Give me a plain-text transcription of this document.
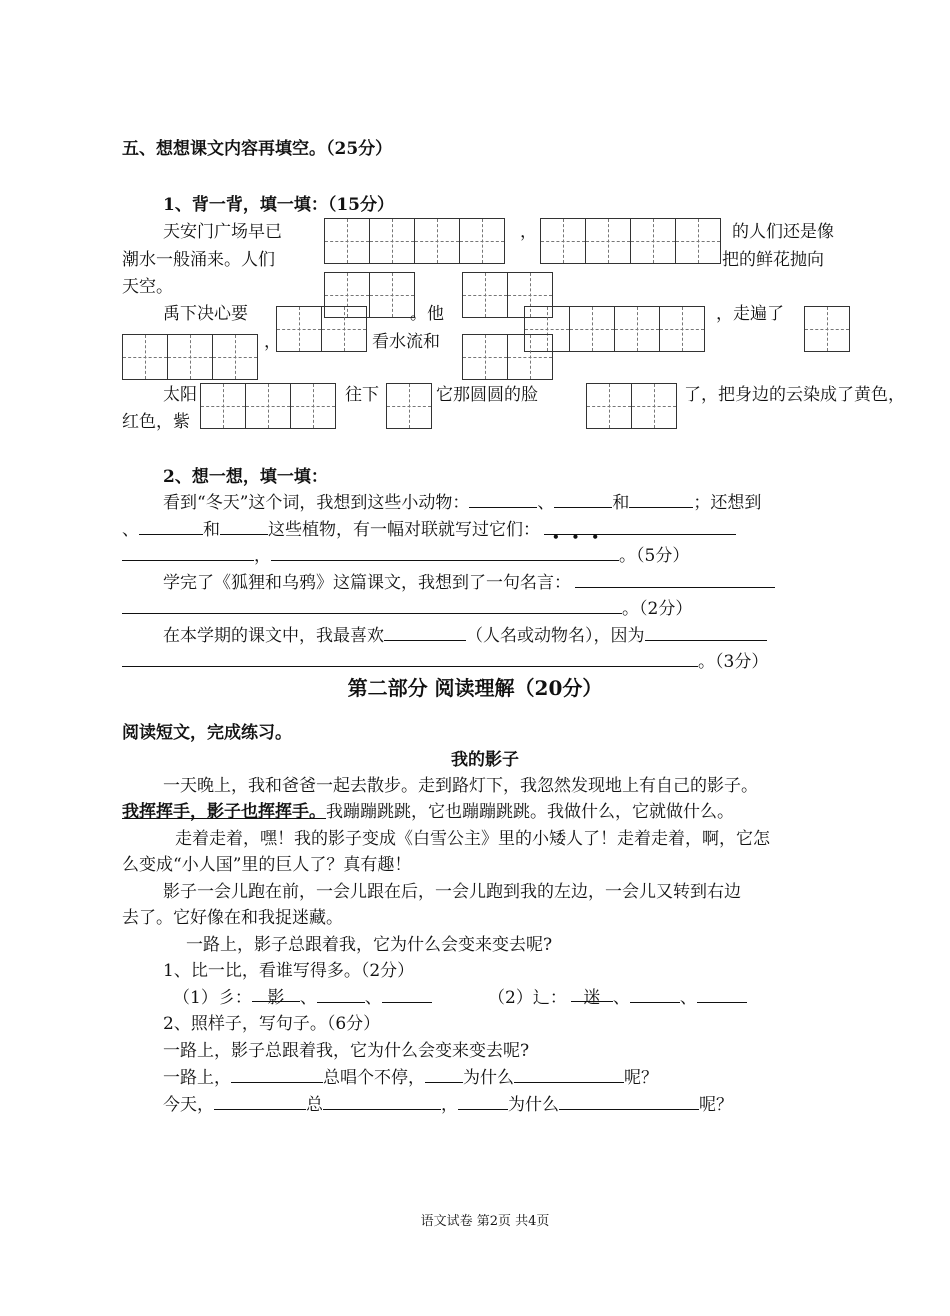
五、想想课文内容再填空。（25分）
1、背一背，填一填：（15分）
天安门广场早已	，	的人们还是像
潮水一般涌来。人们	把的鲜花抛向
天空。
禹下决心要	。他	，走遍了
，	看水流和
太阳	往下	它那圆圆的脸	了，把身边的云染成了黄色，
红色，紫
2、想一想，填一填：
看到“冬天”这个词，我想到这些小动物：	、	和	；还想到
、	和	这些植物，有一幅对联就写过它们：	•••
，	。（5分）
学完了《狐狸和乌鸦》这篇课文，我想到了一句名言：
。（2分）
在本学期的课文中，我最喜欢	（人名或动物名），因为
。（3分）
第二部分 阅读理解（20分）
阅读短文，完成练习。
我的影子
一天晚上，我和爸爸一起去散步。走到路灯下，我忽然发现地上有自己的影子。
我挥挥手，影子也挥挥手。我蹦蹦跳跳，它也蹦蹦跳跳。我做什么，它就做什么。
走着走着，嘿！我的影子变成《白雪公主》里的小矮人了！走着走着，啊，它怎
么变成“小人国”里的巨人了？真有趣！
影子一会儿跑在前，一会儿跟在后，一会儿跑到我的左边，一会儿又转到右边
去了。它好像在和我捉迷藏。
一路上，影子总跟着我，它为什么会变来变去呢?
1、比一比，看谁写得多。（2分）
（1）彡： 影 、	、	（2）辶： 迷 、	、
2、照样子，写句子。（6分）
一路上，影子总跟着我，它为什么会变来变去呢?
一路上，	总唱个不停， 为什么	呢？
今天，	总	，	为什么	呢？
语文试卷 第2页 共4页
